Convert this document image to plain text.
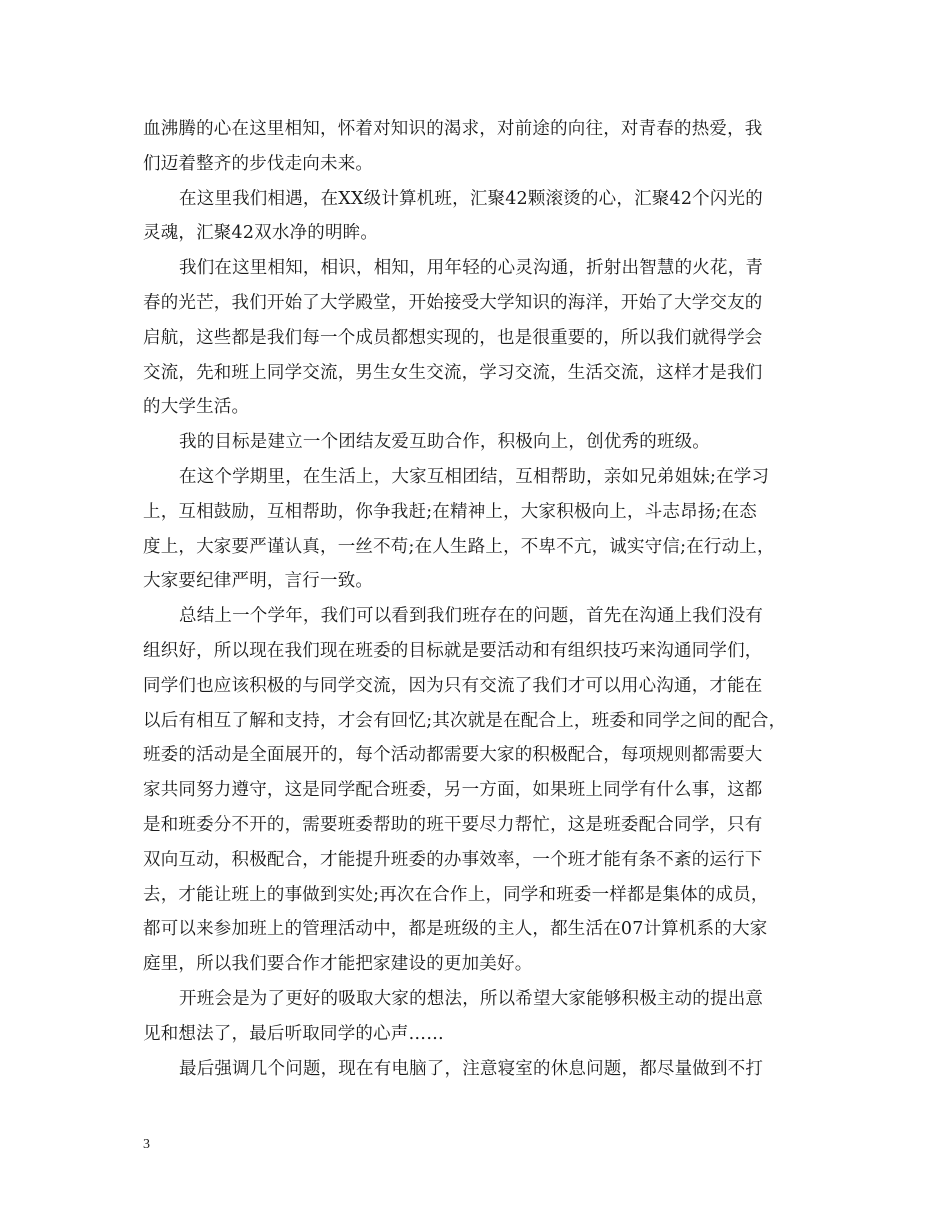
血沸腾的心在这里相知，怀着对知识的渴求，对前途的向往，对青春的热爱，我
们迈着整齐的步伐走向未来。
在这里我们相遇，在XX级计算机班，汇聚42颗滚烫的心，汇聚42个闪光的
灵魂，汇聚42双水净的明眸。
我们在这里相知，相识，相知，用年轻的心灵沟通，折射出智慧的火花，青
春的光芒，我们开始了大学殿堂，开始接受大学知识的海洋，开始了大学交友的
启航，这些都是我们每一个成员都想实现的，也是很重要的，所以我们就得学会
交流，先和班上同学交流，男生女生交流，学习交流，生活交流，这样才是我们
的大学生活。
我的目标是建立一个团结友爱互助合作，积极向上，创优秀的班级。
在这个学期里，在生活上，大家互相团结，互相帮助，亲如兄弟姐妹;在学习
上，互相鼓励，互相帮助，你争我赶;在精神上，大家积极向上，斗志昂扬;在态
度上，大家要严谨认真，一丝不苟;在人生路上，不卑不亢，诚实守信;在行动上，
大家要纪律严明，言行一致。
总结上一个学年，我们可以看到我们班存在的问题，首先在沟通上我们没有
组织好，所以现在我们现在班委的目标就是要活动和有组织技巧来沟通同学们，
同学们也应该积极的与同学交流，因为只有交流了我们才可以用心沟通，才能在
以后有相互了解和支持，才会有回忆;其次就是在配合上，班委和同学之间的配合，
班委的活动是全面展开的，每个活动都需要大家的积极配合，每项规则都需要大
家共同努力遵守，这是同学配合班委，另一方面，如果班上同学有什么事，这都
是和班委分不开的，需要班委帮助的班干要尽力帮忙，这是班委配合同学，只有
双向互动，积极配合，才能提升班委的办事效率，一个班才能有条不紊的运行下
去，才能让班上的事做到实处;再次在合作上，同学和班委一样都是集体的成员，
都可以来参加班上的管理活动中，都是班级的主人，都生活在07计算机系的大家
庭里，所以我们要合作才能把家建设的更加美好。
开班会是为了更好的吸取大家的想法，所以希望大家能够积极主动的提出意
见和想法了，最后听取同学的心声……
最后强调几个问题，现在有电脑了，注意寝室的休息问题，都尽量做到不打
3
